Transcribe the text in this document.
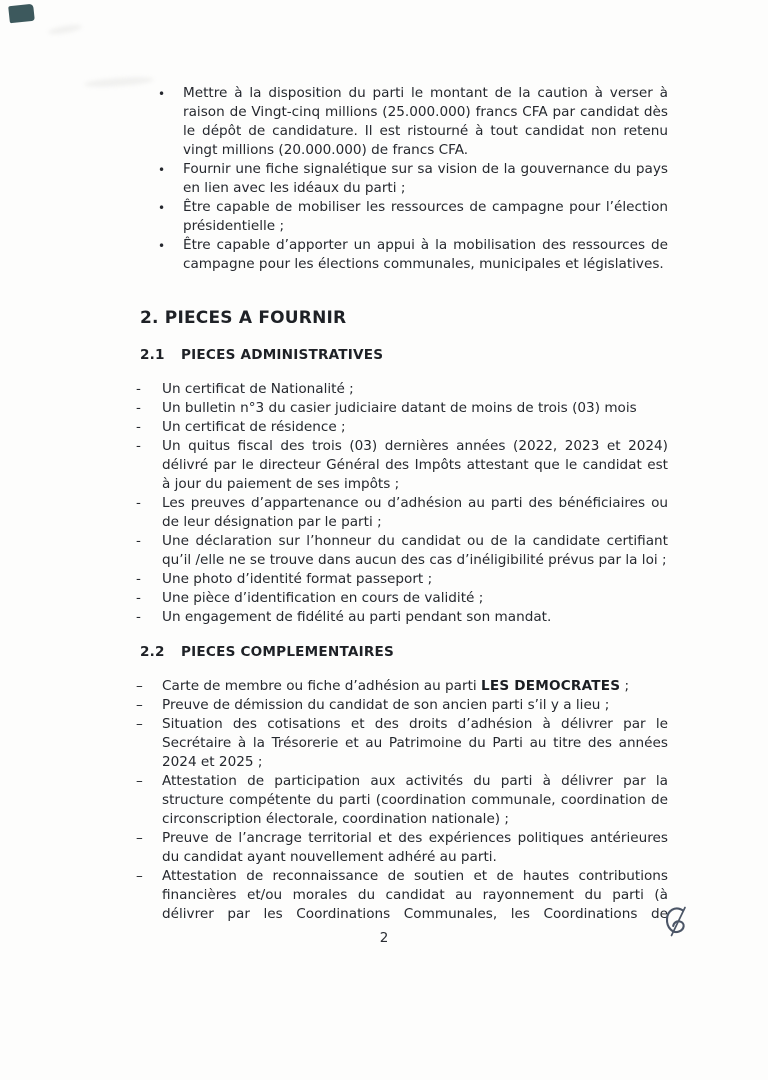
•	Mettre à la disposition du parti le montant de la caution à verser à raison de Vingt-cinq millions (25.000.000) francs CFA par candidat dès le dépôt de candidature. Il est ristourné à tout candidat non retenu vingt millions (20.000.000) de francs CFA.
•	Fournir une fiche signalétique sur sa vision de la gouvernance du pays en lien avec les idéaux du parti ;
•	Être capable de mobiliser les ressources de campagne pour l’élection présidentielle ;
•	Être capable d’apporter un appui à la mobilisation des ressources de campagne pour les élections communales, municipales et législatives.
2. PIECES A FOURNIR
2.1	PIECES ADMINISTRATIVES
-	Un certificat de Nationalité ;
-	Un bulletin n°3 du casier judiciaire datant de moins de trois (03) mois
-	Un certificat de résidence ;
-	Un quitus fiscal des trois (03) dernières années (2022, 2023 et 2024) délivré par le directeur Général des Impôts attestant que le candidat est à jour du paiement de ses impôts ;
-	Les preuves d’appartenance ou d’adhésion au parti des bénéficiaires ou de leur désignation par le parti ;
-	Une déclaration sur l’honneur du candidat ou de la candidate certifiant qu’il /elle ne se trouve dans aucun des cas d’inéligibilité prévus par la loi ;
-	Une photo d’identité format passeport ;
-	Une pièce d’identification en cours de validité ;
-	Un engagement de fidélité au parti pendant son mandat.
2.2	PIECES COMPLEMENTAIRES
–	Carte de membre ou fiche d’adhésion au parti LES DEMOCRATES ;
–	Preuve de démission du candidat de son ancien parti s’il y a lieu ;
–	Situation des cotisations et des droits d’adhésion à délivrer par le Secrétaire à la Trésorerie et au Patrimoine du Parti au titre des années 2024 et 2025 ;
–	Attestation de participation aux activités du parti à délivrer par la structure compétente du parti (coordination communale, coordination de circonscription électorale, coordination nationale) ;
–	Preuve de l’ancrage territorial et des expériences politiques antérieures du candidat ayant nouvellement adhéré au parti.
–	Attestation de reconnaissance de soutien et de hautes contributions financières et/ou morales du candidat au rayonnement du parti (à délivrer par les Coordinations Communales, les Coordinations de
2
